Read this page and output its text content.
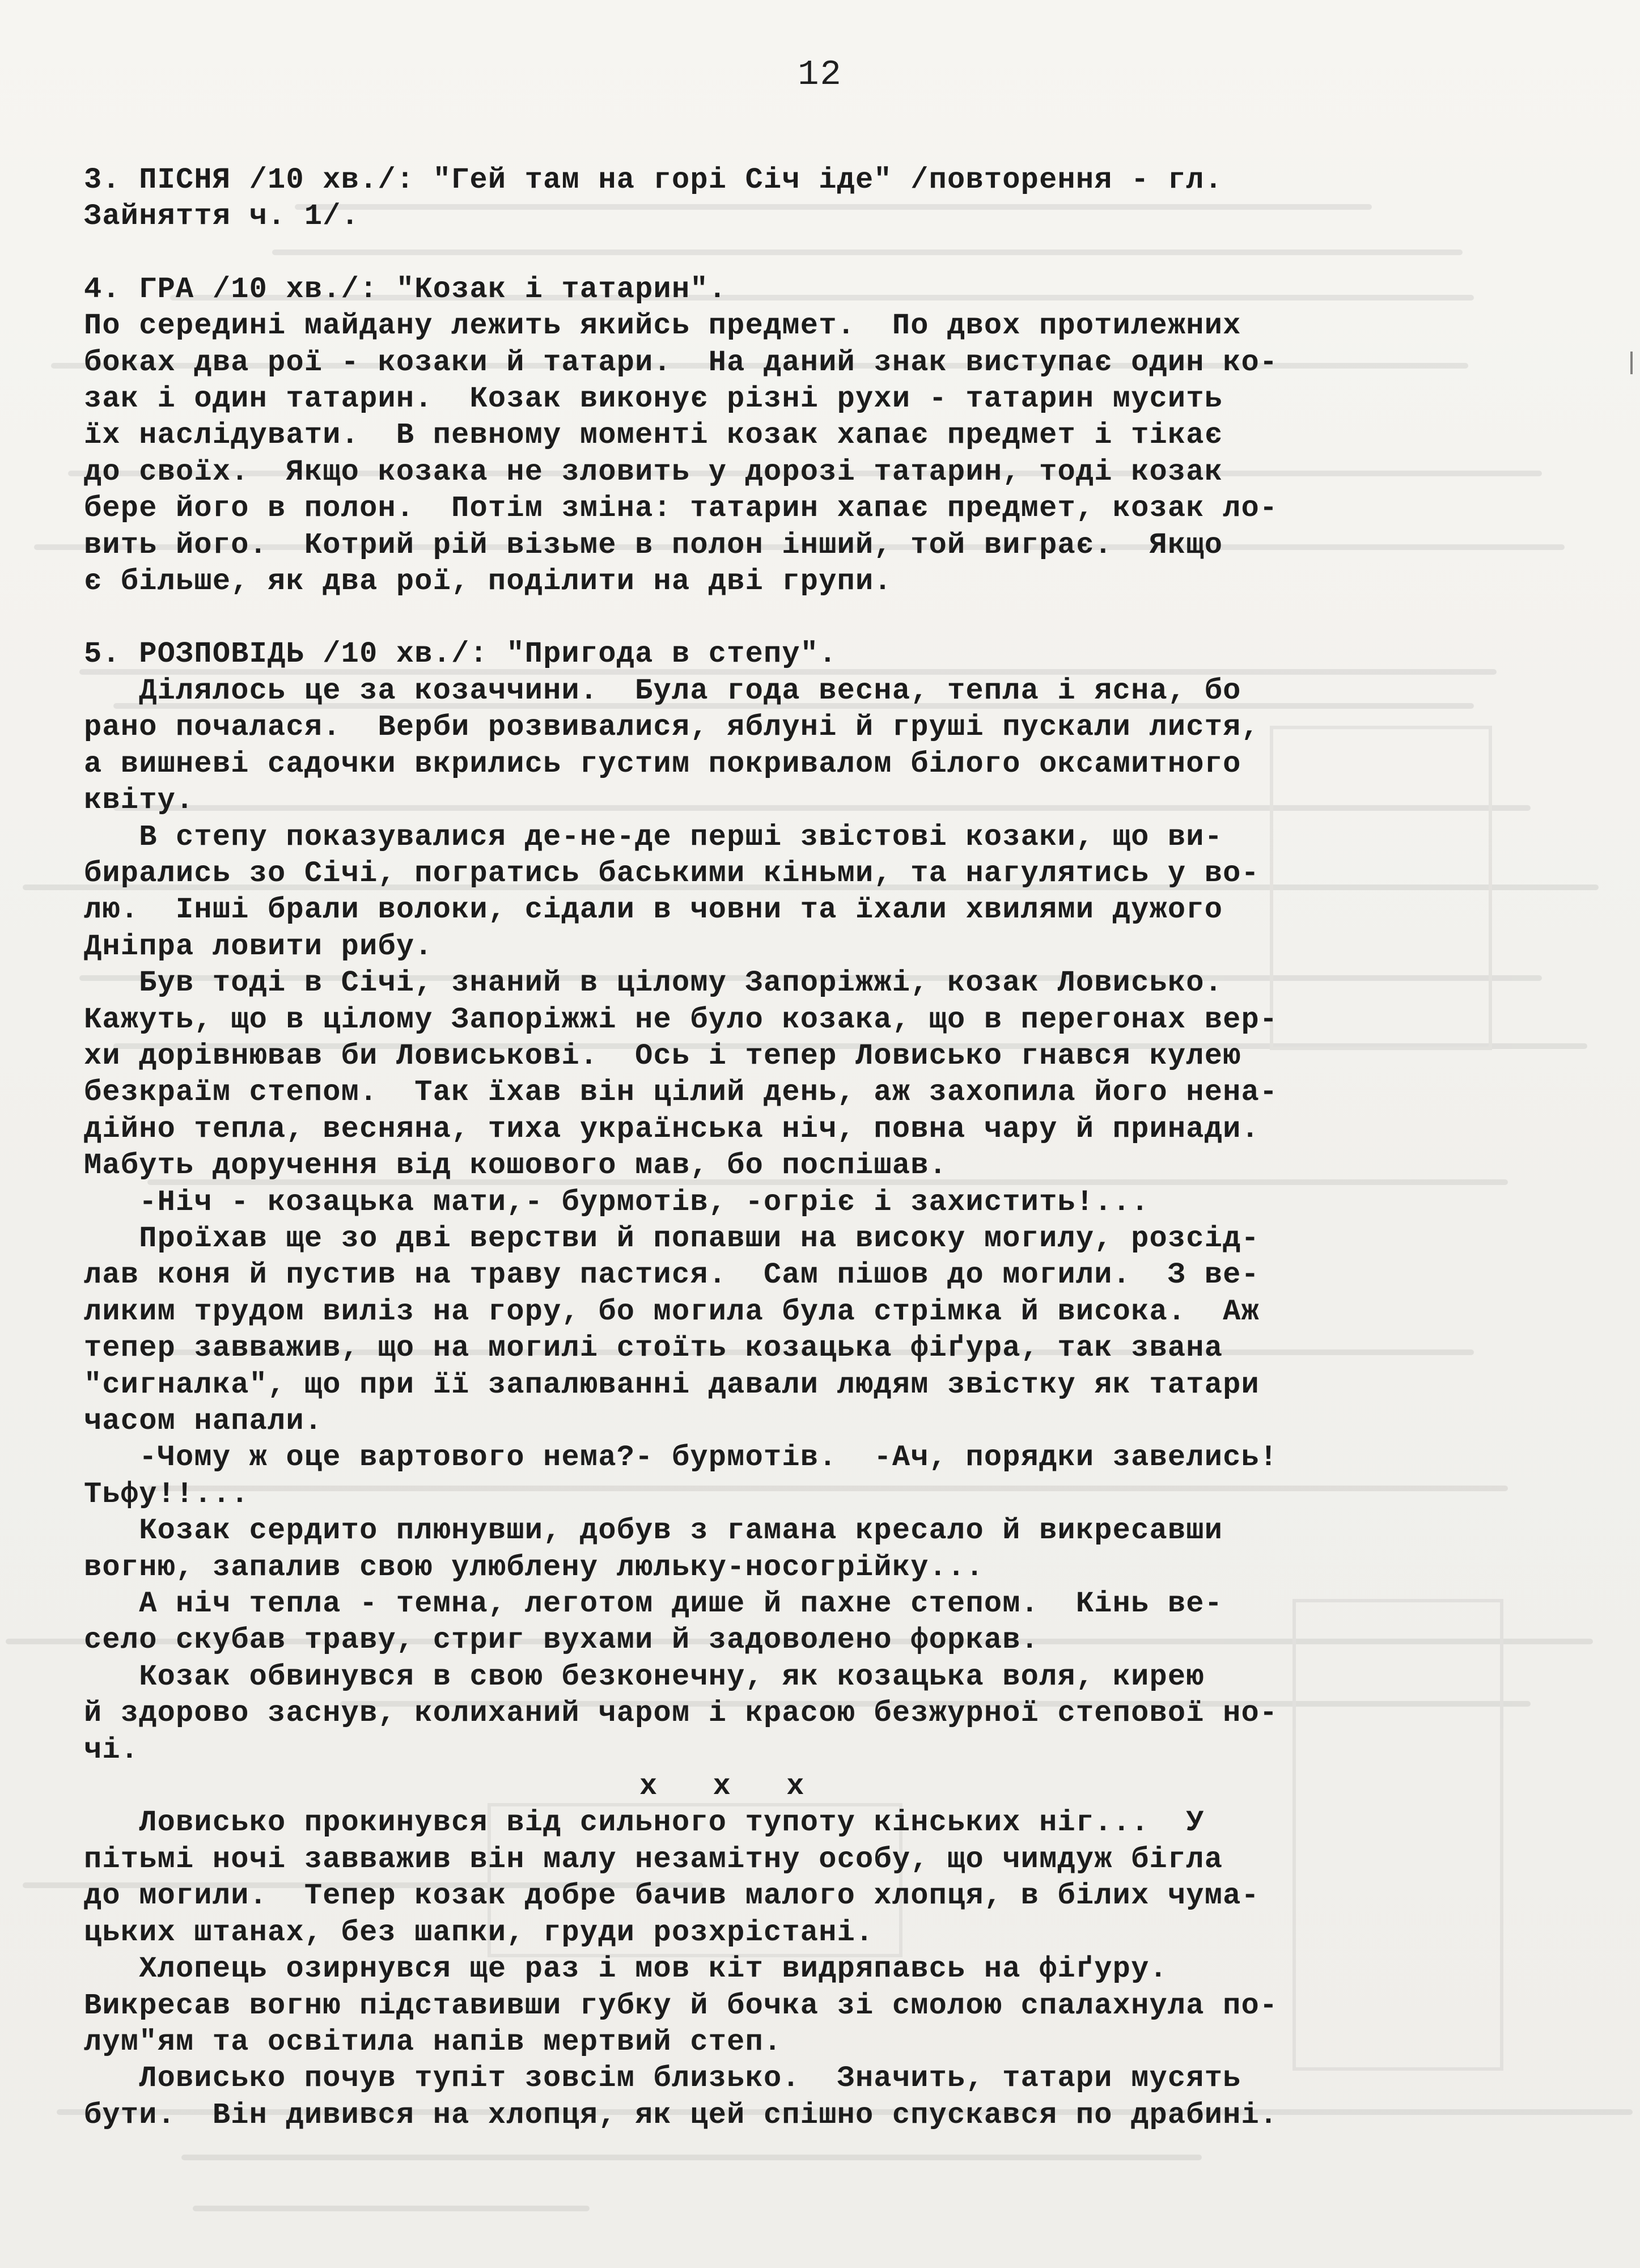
12
3. ПІСНЯ /10 хв./: "Гей там на горі Січ іде" /повторення - гл.
Зайняття ч. 1/.
4. ГРА /10 хв./: "Козак і татарин".
По середині майдану лежить якийсь предмет.  По двох протилежних
боках два рої - козаки й татари.  На даний знак виступає один ко-
зак і один татарин.  Козак виконує різні рухи - татарин мусить
їх наслідувати.  В певному моменті козак хапає предмет і тікає
до своїх.  Якщо козака не зловить у дорозі татарин, тоді козак
бере його в полон.  Потім зміна: татарин хапає предмет, козак ло-
вить його.  Котрий рій візьме в полон інший, той виграє.  Якщо
є більше, як два рої, поділити на дві групи.
5. РОЗПОВІДЬ /10 хв./: "Пригода в степу".
Ділялось це за козаччини.  Була года весна, тепла і ясна, бо
рано почалася.  Верби розвивалися, яблуні й груші пускали листя,
а вишневі садочки вкрились густим покривалом білого оксамитного
квіту.
В степу показувалися де-не-де перші звістові козаки, що ви-
бирались зо Січі, погратись баськими кіньми, та нагулятись у во-
лю.  Інші брали волоки, сідали в човни та їхали хвилями дужого
Дніпра ловити рибу.
Був тоді в Січі, знаний в цілому Запоріжжі, козак Ловисько.
Кажуть, що в цілому Запоріжжі не було козака, що в перегонах вер-
хи дорівнював би Ловиськові.  Ось і тепер Ловисько гнався кулею
безкраїм степом.  Так їхав він цілий день, аж захопила його нена-
дійно тепла, весняна, тиха українська ніч, повна чару й принади.
Мабуть доручення від кошового мав, бо поспішав.
-Ніч - козацька мати,- бурмотів, -огріє і захистить!...
Проїхав ще зо дві верстви й попавши на високу могилу, розсід-
лав коня й пустив на траву пастися.  Сам пішов до могили.  З ве-
ликим трудом виліз на гору, бо могила була стрімка й висока.  Аж
тепер завважив, що на могилі стоїть козацька фіґура, так звана
"сигналка", що при її запалюванні давали людям звістку як татари
часом напали.
-Чому ж оце вартового нема?- бурмотів.  -Ач, порядки завелись!
Тьфу!!...
Козак сердито плюнувши, добув з гамана кресало й викресавши
вогню, запалив свою улюблену люльку-носогрійку...
А ніч тепла - темна, леготом дише й пахне степом.  Кінь ве-
село скубав траву, стриг вухами й задоволено форкав.
Козак обвинувся в свою безконечну, як козацька воля, кирею
й здорово заснув, колиханий чаром і красою безжурної степової но-
чі.
x   x   x
Ловисько прокинувся від сильного тупоту кінських ніг...  У
пітьмі ночі завважив він малу незамітну особу, що чимдуж бігла
до могили.  Тепер козак добре бачив малого хлопця, в білих чума-
цьких штанах, без шапки, груди розхрістані.
Хлопець озирнувся ще раз і мов кіт видряпавсь на фіґуру.
Викресав вогню підставивши губку й бочка зі смолою спалахнула по-
лум"ям та освітила напів мертвий степ.
Ловисько почув тупіт зовсім близько.  Значить, татари мусять
бути.  Він дивився на хлопця, як цей спішно спускався по драбині.
